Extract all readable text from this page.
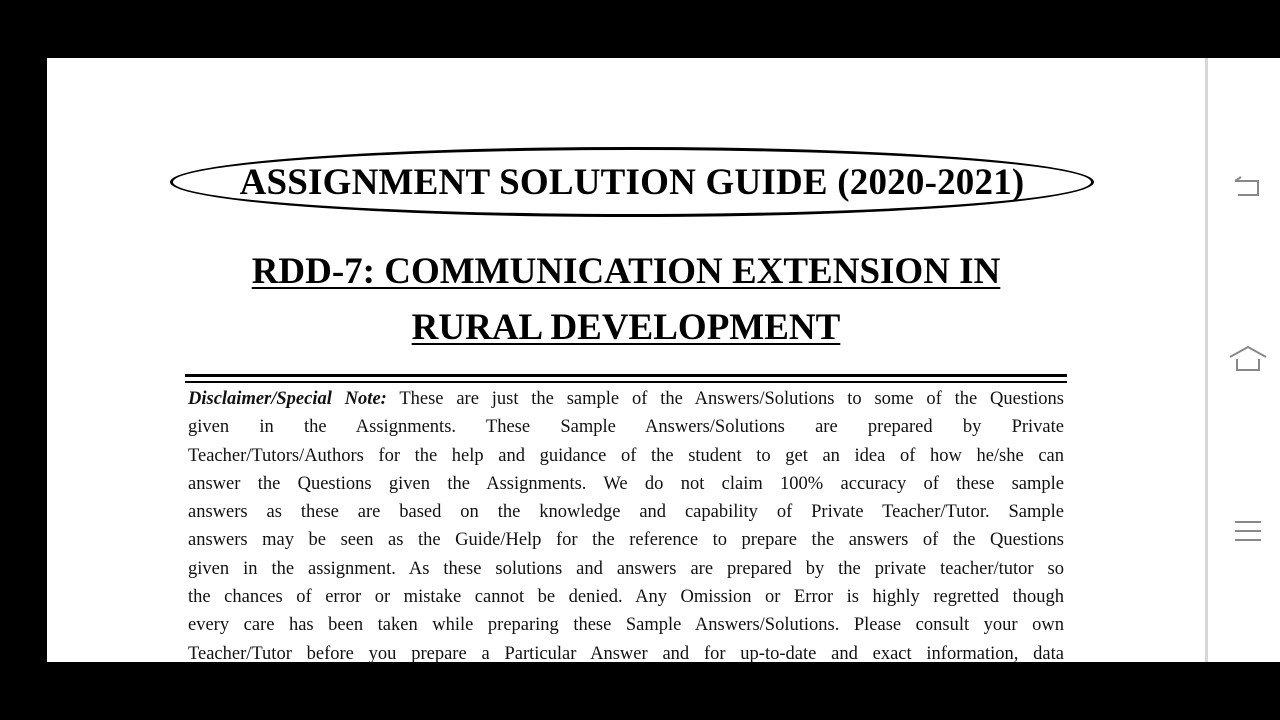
ASSIGNMENT SOLUTION GUIDE (2020-2021)
RDD-7: COMMUNICATION EXTENSION IN
RURAL DEVELOPMENT
Disclaimer/Special Note: These are just the sample of the Answers/Solutions to some of the Questions
given in the Assignments. These Sample Answers/Solutions are prepared by Private
Teacher/Tutors/Authors for the help and guidance of the student to get an idea of how he/she can
answer the Questions given the Assignments. We do not claim 100% accuracy of these sample
answers as these are based on the knowledge and capability of Private Teacher/Tutor. Sample
answers may be seen as the Guide/Help for the reference to prepare the answers of the Questions
given in the assignment. As these solutions and answers are prepared by the private teacher/tutor so
the chances of error or mistake cannot be denied. Any Omission or Error is highly regretted though
every care has been taken while preparing these Sample Answers/Solutions. Please consult your own
Teacher/Tutor before you prepare a Particular Answer and for up-to-date and exact information, data
